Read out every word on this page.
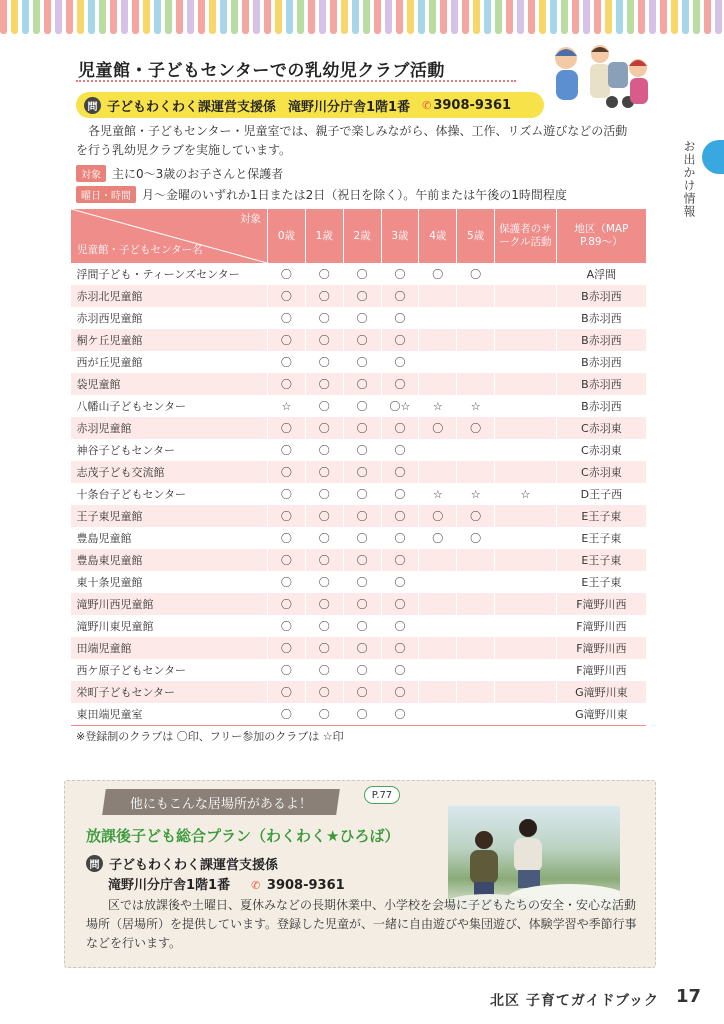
お出かけ情報
児童館・子どもセンターでの乳幼児クラブ活動
問 子どもわくわく課運営支援係 滝野川分庁舎1階1番 ✆ 3908-9361
各児童館・子どもセンター・児童室では、親子で楽しみながら、体操、工作、リズム遊びなどの活動を行う乳幼児クラブを実施しています。
対象 主に0〜3歳のお子さんと保護者
曜日・時間 月〜金曜のいずれか1日または2日（祝日を除く）。午前または午後の1時間程度
対象
児童館・子どもセンター名	0歳	1歳	2歳	3歳	4歳	5歳	保護者のサークル活動	地区（MAP P.89〜）
浮間子ども・ティーンズセンター	〇	〇	〇	〇	〇	〇		A浮間
赤羽北児童館	〇	〇	〇	〇				B赤羽西
赤羽西児童館	〇	〇	〇	〇				B赤羽西
桐ケ丘児童館	〇	〇	〇	〇				B赤羽西
西が丘児童館	〇	〇	〇	〇				B赤羽西
袋児童館	〇	〇	〇	〇				B赤羽西
八幡山子どもセンター	☆	〇	〇	〇☆	☆	☆		B赤羽西
赤羽児童館	〇	〇	〇	〇	〇	〇		C赤羽東
神谷子どもセンター	〇	〇	〇	〇				C赤羽東
志茂子ども交流館	〇	〇	〇	〇				C赤羽東
十条台子どもセンター	〇	〇	〇	〇	☆	☆	☆	D王子西
王子東児童館	〇	〇	〇	〇	〇	〇		E王子東
豊島児童館	〇	〇	〇	〇	〇	〇		E王子東
豊島東児童館	〇	〇	〇	〇				E王子東
東十条児童館	〇	〇	〇	〇				E王子東
滝野川西児童館	〇	〇	〇	〇				F滝野川西
滝野川東児童館	〇	〇	〇	〇				F滝野川西
田端児童館	〇	〇	〇	〇				F滝野川西
西ケ原子どもセンター	〇	〇	〇	〇				F滝野川西
栄町子どもセンター	〇	〇	〇	〇				G滝野川東
東田端児童室	〇	〇	〇	〇				G滝野川東
※登録制のクラブは 〇印、フリー参加のクラブは ☆印
他にもこんな居場所があるよ！
P.77
放課後子ども総合プラン（わくわく★ひろば）
問 子どもわくわく課運営支援係
滝野川分庁舎1階1番 ✆ 3908-9361
区では放課後や土曜日、夏休みなどの長期休業中、小学校を会場に子どもたちの安全・安心な活動場所（居場所）を提供しています。登録した児童が、一緒に自由遊びや集団遊び、体験学習や季節行事などを行います。
北区 子育てガイドブック 17
